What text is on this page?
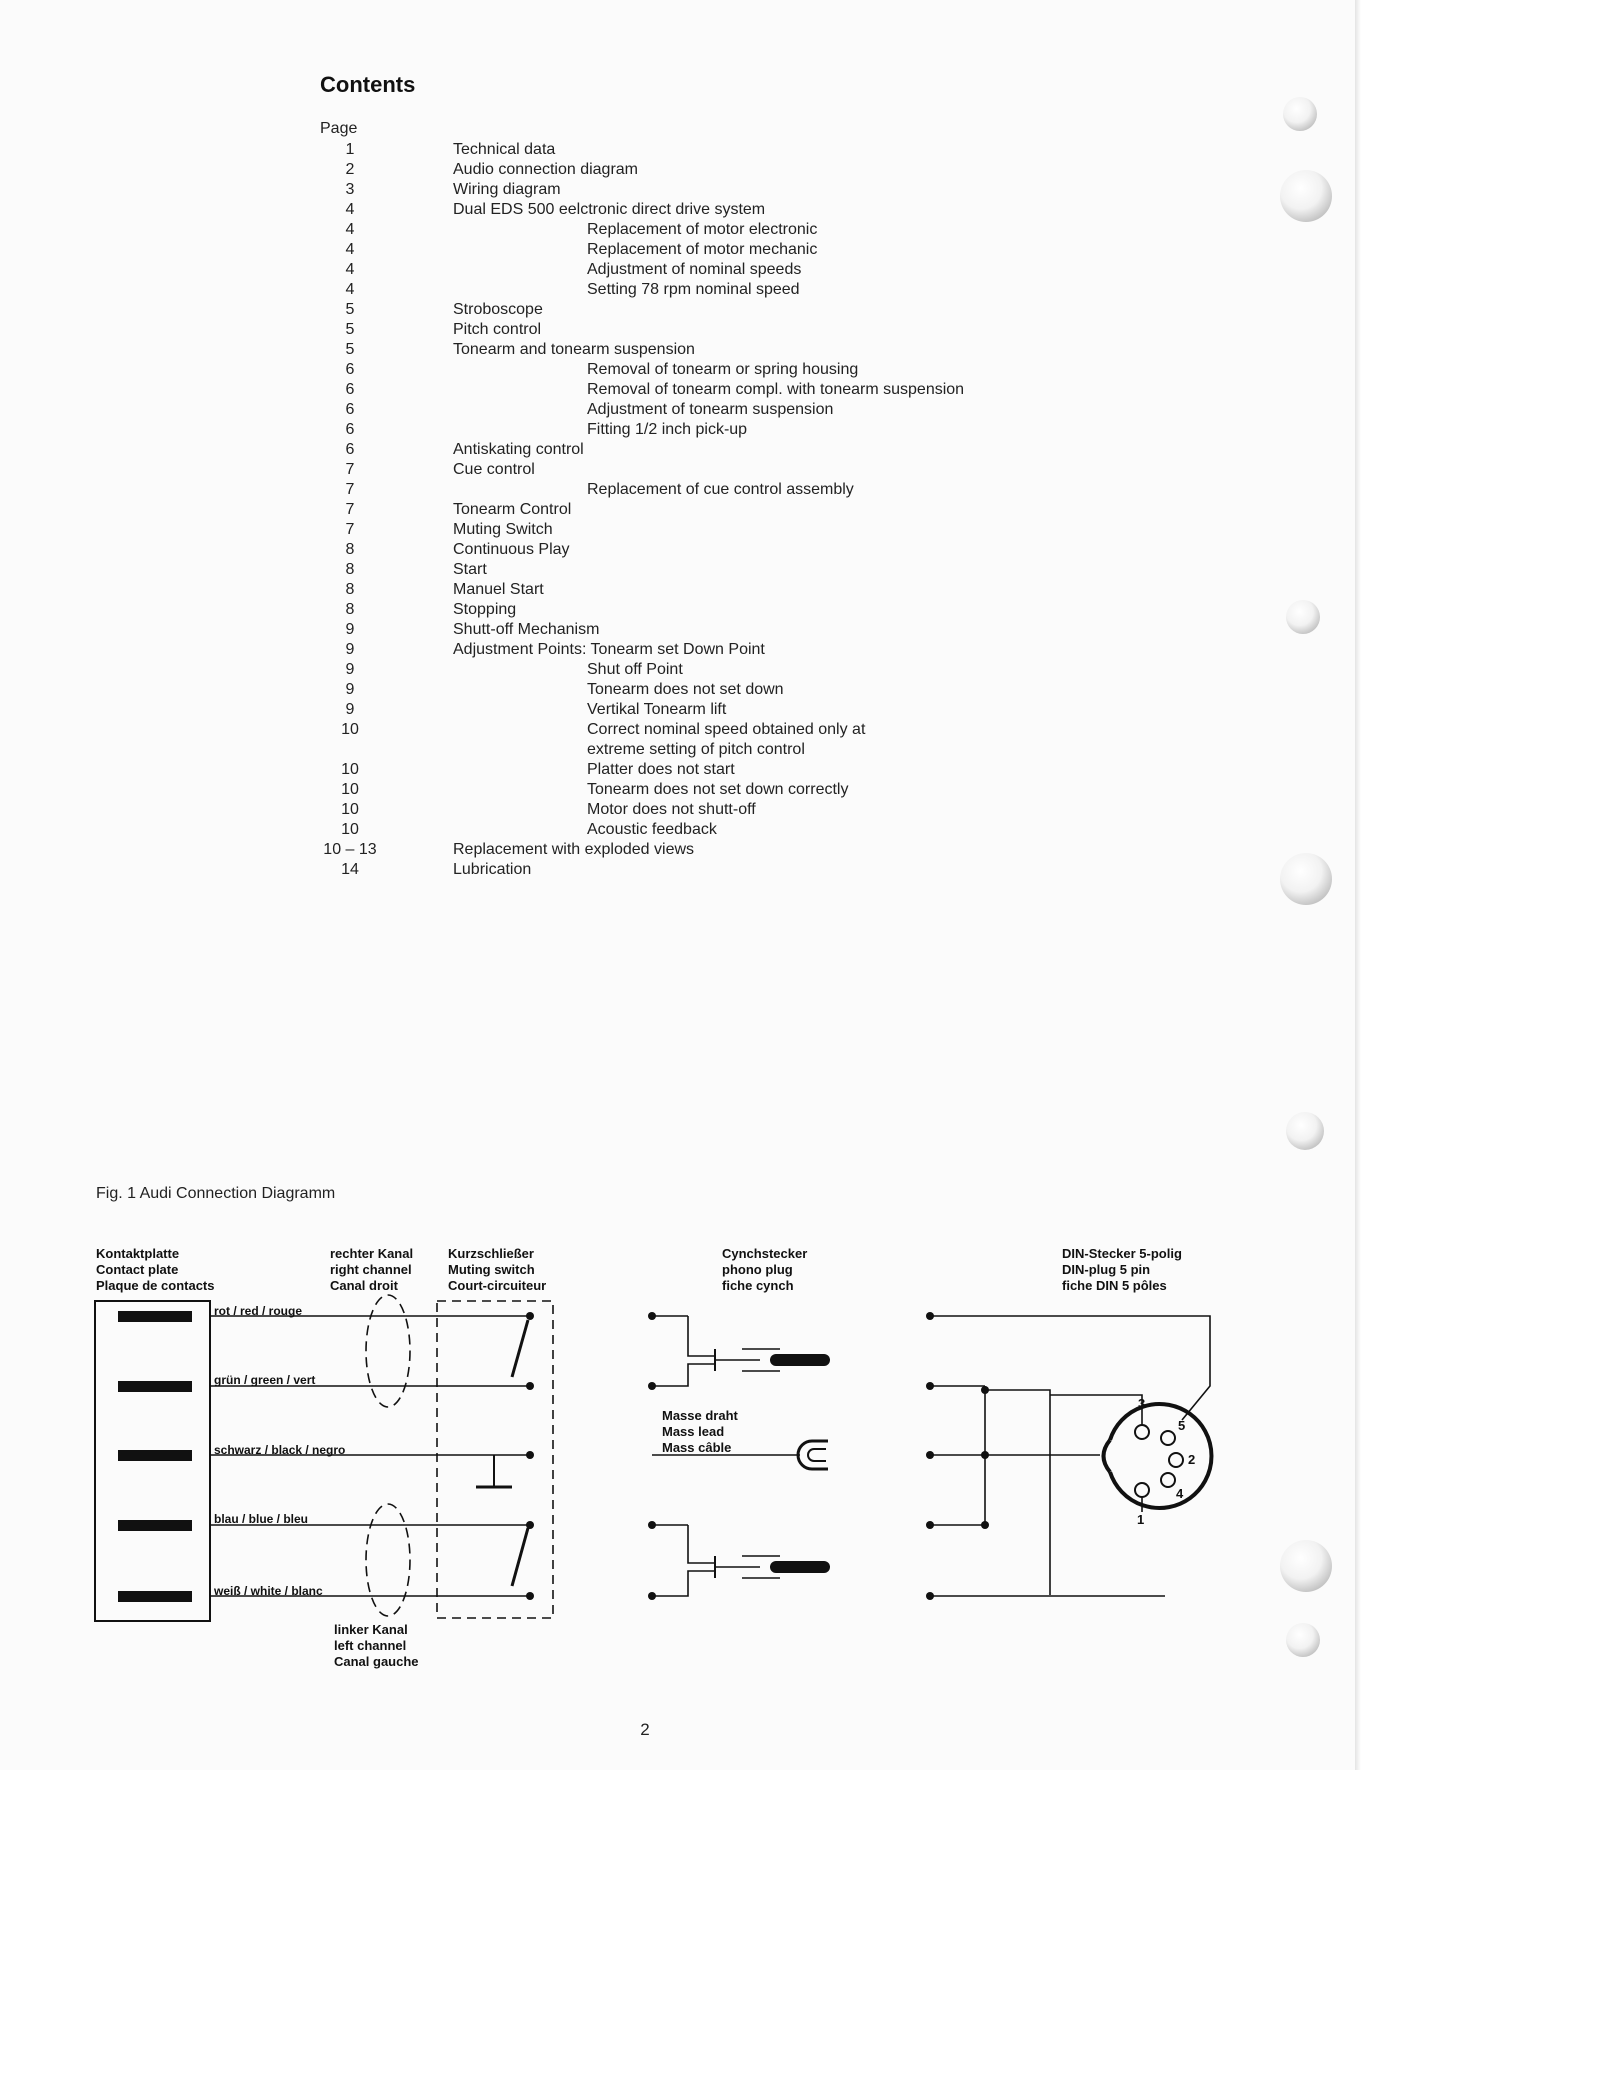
Contents
Page
1	Technical data
2	Audio connection diagram
3	Wiring diagram
4	Dual EDS 500 eelctronic direct drive system
4	Replacement of motor electronic
4	Replacement of motor mechanic
4	Adjustment of nominal speeds
4	Setting 78 rpm nominal speed
5	Stroboscope
5	Pitch control
5	Tonearm and tonearm suspension
6	Removal of tonearm or spring housing
6	Removal of tonearm compl. with tonearm suspension
6	Adjustment of tonearm suspension
6	Fitting 1/2 inch pick-up
6	Antiskating control
7	Cue control
7	Replacement of cue control assembly
7	Tonearm Control
7	Muting Switch
8	Continuous Play
8	Start
8	Manuel Start
8	Stopping
9	Shutt-off Mechanism
9	Adjustment Points: Tonearm set Down Point
9	Shut off Point
9	Tonearm does not set down
9	Vertikal Tonearm lift
10	Correct nominal speed obtained only at
extreme setting of pitch control
10	Platter does not start
10	Tonearm does not set down correctly
10	Motor does not shutt-off
10	Acoustic feedback
10 – 13	Replacement with exploded views
14	Lubrication
Fig. 1 Audi Connection Diagramm
Kontaktplatte
Contact plate
Plaque de contacts
rechter Kanal
right channel
Canal droit
Kurzschließer
Muting switch
Court-circuiteur
Cynchstecker
phono plug
fiche cynch
DIN-Stecker 5-polig
DIN-plug 5 pin
fiche DIN 5 pôles
Masse draht
Mass lead
Mass câble
linker Kanal
left channel
Canal gauche
rot / red / rouge
grün / green / vert
schwarz / black / negro
blau / blue / bleu
weiß / white / blanc
3
5
2
4
1
2
